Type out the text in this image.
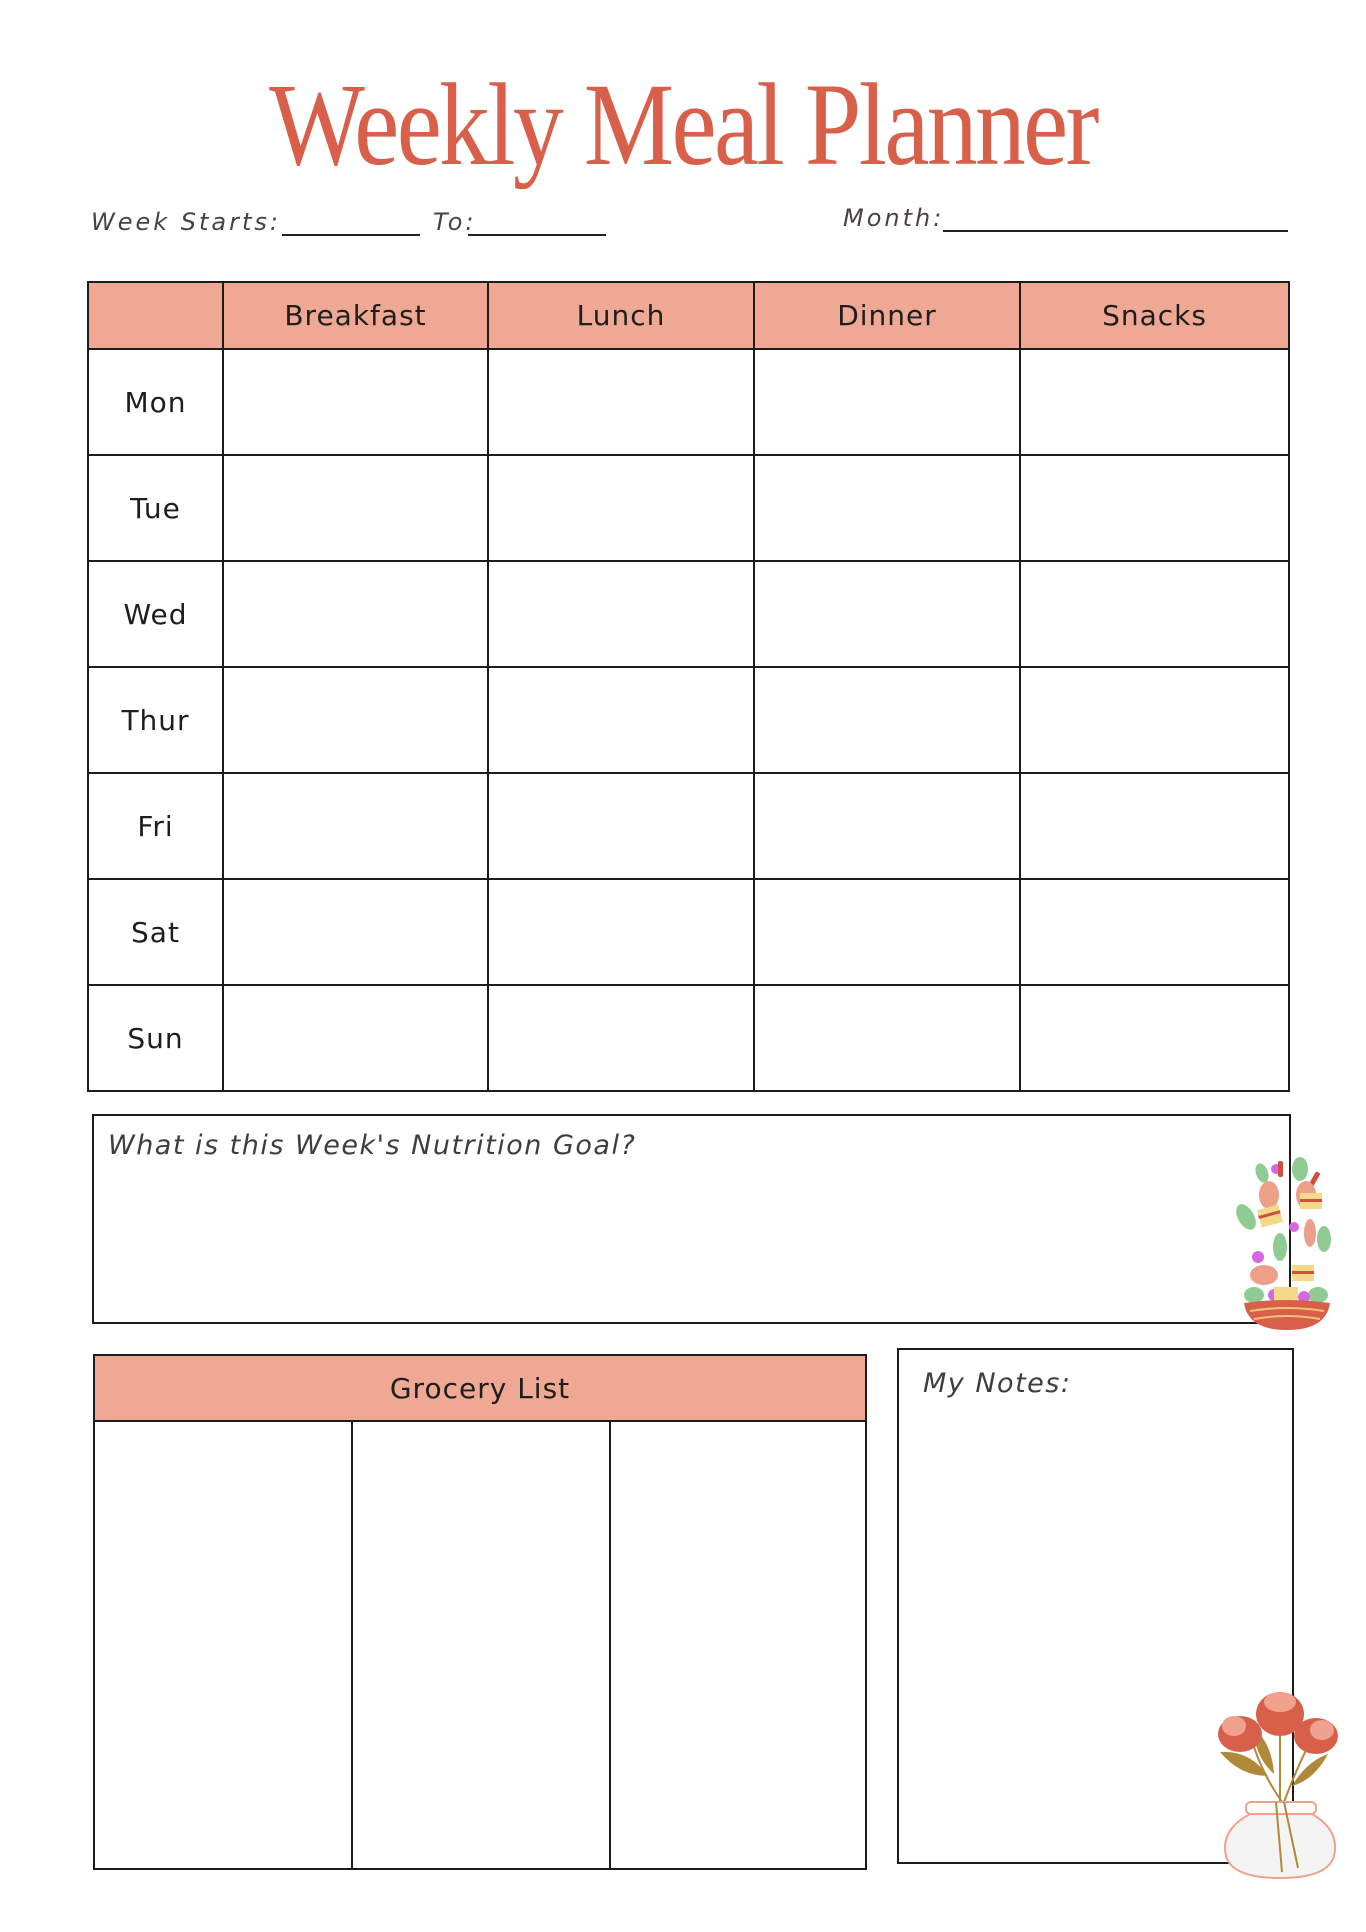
Weekly Meal Planner
Week Starts:	To:	Month:
	Breakfast	Lunch	Dinner	Snacks
Mon				
Tue				
Wed				
Thur				
Fri				
Sat				
Sun				
What is this Week's Nutrition Goal?
Grocery List	My Notes:
